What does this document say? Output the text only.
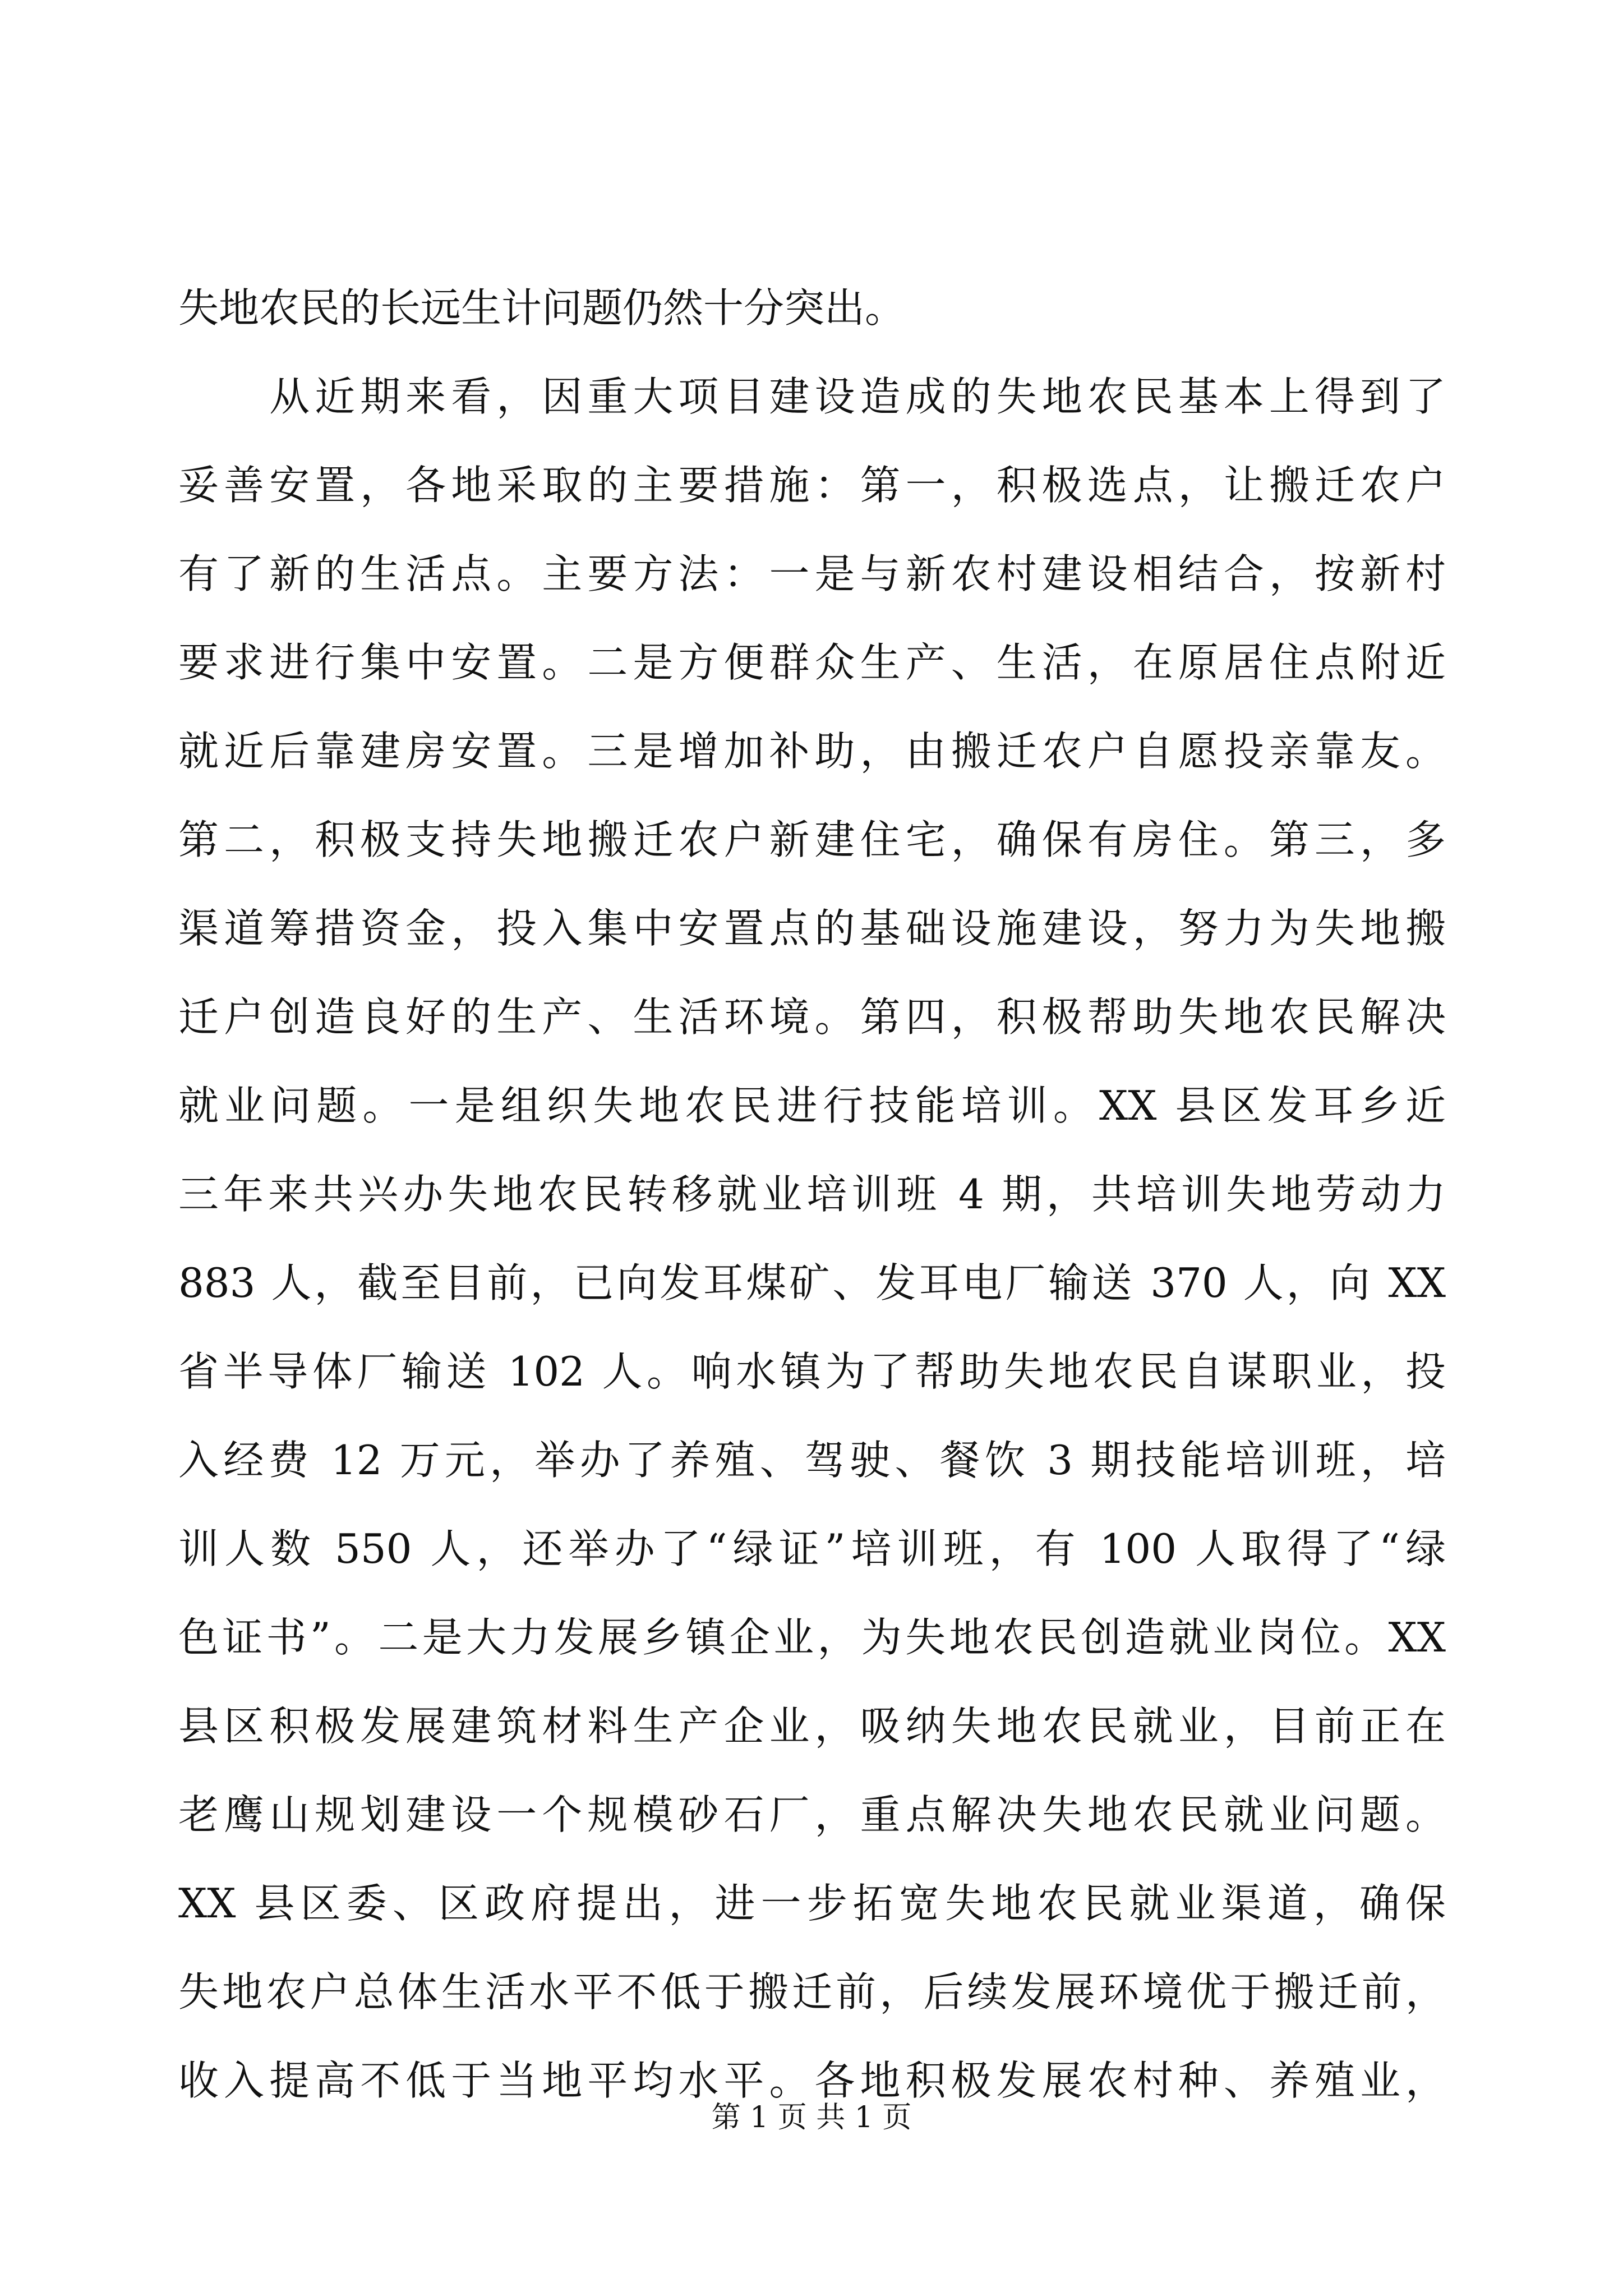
失地农民的长远生计问题仍然十分突出。
　　从近期来看，因重大项目建设造成的失地农民基本上得到了
妥善安置，各地采取的主要措施：第一，积极选点，让搬迁农户
有了新的生活点。主要方法：一是与新农村建设相结合，按新村
要求进行集中安置。二是方便群众生产、生活，在原居住点附近
就近后靠建房安置。三是增加补助，由搬迁农户自愿投亲靠友。
第二，积极支持失地搬迁农户新建住宅，确保有房住。第三，多
渠道筹措资金，投入集中安置点的基础设施建设，努力为失地搬
迁户创造良好的生产、生活环境。第四，积极帮助失地农民解决
就业问题。一是组织失地农民进行技能培训。XX 县区发耳乡近
三年来共兴办失地农民转移就业培训班 4 期，共培训失地劳动力
883 人，截至目前，已向发耳煤矿、发耳电厂输送 370 人，向 XX
省半导体厂输送 102 人。响水镇为了帮助失地农民自谋职业，投
入经费 12 万元，举办了养殖、驾驶、餐饮 3 期技能培训班，培
训人数 550 人，还举办了“绿证”培训班，有 100 人取得了“绿
色证书”。二是大力发展乡镇企业，为失地农民创造就业岗位。XX
县区积极发展建筑材料生产企业，吸纳失地农民就业，目前正在
老鹰山规划建设一个规模砂石厂，重点解决失地农民就业问题。
XX 县区委、区政府提出，进一步拓宽失地农民就业渠道，确保
失地农户总体生活水平不低于搬迁前，后续发展环境优于搬迁前，
收入提高不低于当地平均水平。各地积极发展农村种、养殖业，
第 1 页 共 1 页
